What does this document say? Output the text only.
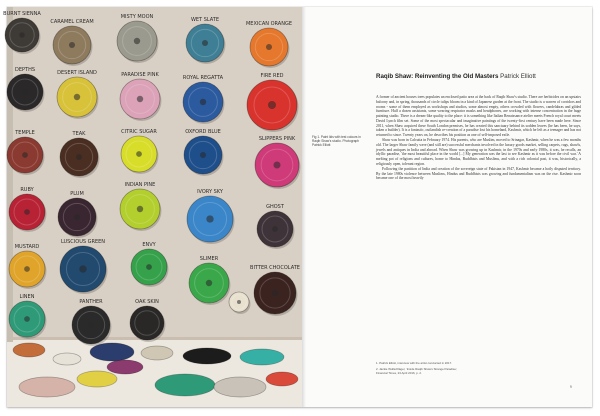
BURNT SIENNA
CARAMEL CREAM
MISTY MOON	WET SLATE
MEXICAN ORANGE
DEPTHS	DESERT ISLAND	PARADISE PINK	ROYAL REGATTA	FIRE RED
TEMPLE	TEAK	CITRIC SUGAR	OXFORD BLUE
SLIPPERS PINK
RUBY
PLUM
INDIAN PINE
IVORY SKY
GHOST
MUSTARD
LUSCIOUS GREEN	ENVY
SLIMER
BITTER CHOCOLATE
LINEN
PANTHER	OAK SKIN
Fig 1. Paint lids with test colours in Raqib Shaw's studio. Photograph Patrick Elliott
Raqib Shaw: Reinventing the Old Masters Patrick Elliott

A former of ancient houses trees populates an enclosed patio area at the back of Raqib Shaw's studio. There are herbicides on an upstairs balcony and, in spring, thousands of circle tulips bloom in a kind of Japanese garden at the front. The studio is a warren of corridors and rooms - some of them employed as workshops and studios, some almost empty, others crowded with flowers, candelabras and gilded furniture. Half a dozen assistants, some wearing respirator masks and headphones, are working with intense concentration in the huge painting studio. There is a dream-like quality to the place: it is something like Italian Renaissance atelier meets French royal court meets David Lynch film set. Some of the most spectacular and imaginative paintings of the twenty-first century have been made here. Since 2011, when Shaw acquired these South London premises, he has created this sanctuary behind its sodden leaves (he has been, he says, taken a builder). It is a fantastic, outlandish re-creation of a paradise lost his homeland, Kashmir, which he left as a teenager and has not returned to since. Twenty years on, he describes his position as one of self-imposed exile.

Shaw was born in Calcutta in February 1974. His parents, who are Muslim, moved to Srinagar, Kashmir, when he was a few months old. The larger Shaw family were (and still are) successful merchants involved in the luxury goods market, selling carpets, rugs, shawls, jewels and antiques in India and abroad. When Shaw was growing up in Kashmir, in the 1970s and early 1980s, it was, he recalls, an idyllic paradise, 'the most beautiful place in the world [...] My generation was the last to see Kashmir as it was before the civil war.' A melting pot of religions and cultures, home to Hindus, Buddhists and Muslims, and with a rich colonial past, it was, historically, a religiously open, tolerant region.

Following the partition of India and creation of the sovereign state of Pakistan in 1947, Kashmir became a hotly disputed territory. By the late 1980s violence between Muslims, Hindus and Buddhists was growing and fundamentalism was on the rise. Kashmir soon became one of the most heavily

1. Patrick Elliott, interview with the artist conducted in 2017.
2. Jackie Wullschläger, 'Inside Raqib Shaw's Strange Paradise', Financial Times, 23 April 2016, p. 2.
9
